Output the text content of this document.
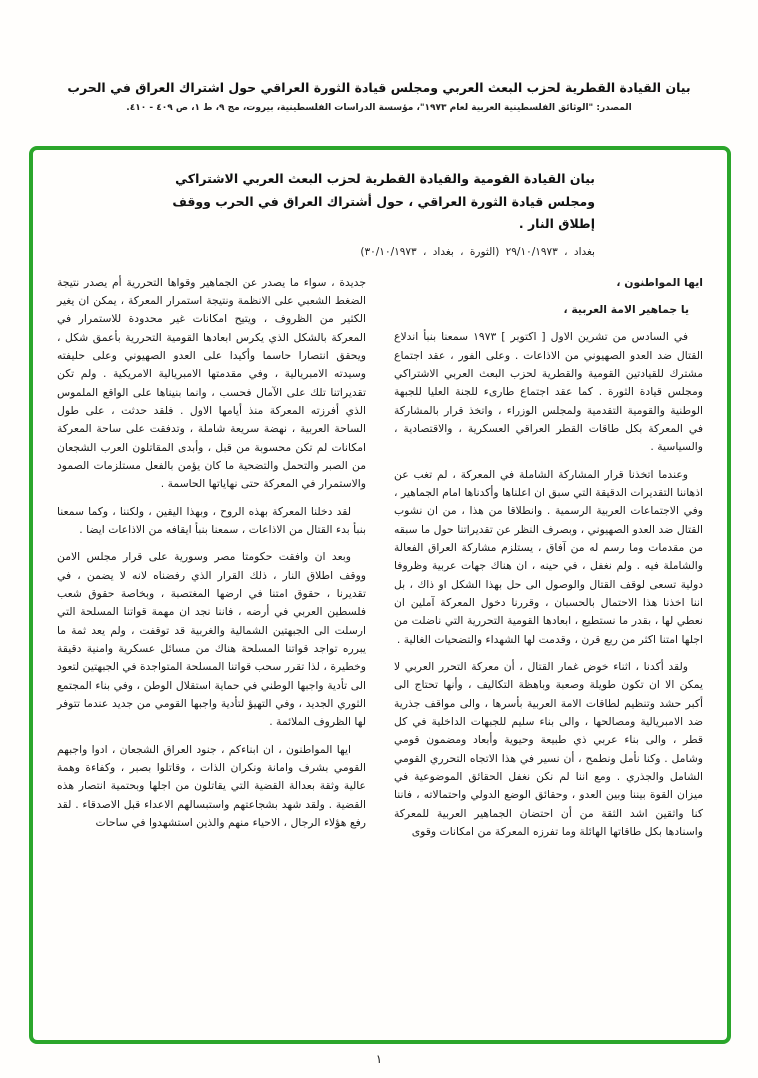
بيان القيادة القطرية لحزب البعث العربي ومجلس قيادة الثورة العراقي حول اشتراك العراق في الحرب
المصدر: "الوثائق الفلسطينية العربية لعام ١٩٧٣"، مؤسسة الدراسات الفلسطينية، بيروت، مج ٩، ط ١، ص ٤٠٩ - ٤١٠.
بيان القيادة القومية والقيادة القطرية لحزب البعث العربي الاشتراكي ومجلس قيادة الثورة العراقي ، حول أشتراك العراق في الحرب ووقف إطلاق النار .
بغداد ، ٢٩/١٠/١٩٧٣ (الثورة ، بغداد ، ٣٠/١٠/١٩٧٣)

ايها المواطنون ،

يا جماهير الامة العربية ،

في السادس من تشرين الاول [ اكتوبر ] ١٩٧٣ سمعنا بنبأ اندلاع القتال ضد العدو الصهيوني من الاذاعات . وعلى الفور ، عقد اجتماع مشترك للقيادتين القومية والقطرية لحزب البعث العربي الاشتراكي ومجلس قيادة الثورة . كما عقد اجتماع طارىء للجنة العليا للجبهة الوطنية والقومية التقدمية ولمجلس الوزراء ، واتخذ قرار بالمشاركة في المعركة بكل طاقات القطر العراقي العسكرية ، والاقتصادية ، والسياسية .

وعندما اتخذنا قرار المشاركة الشاملة في المعركة ، لم تغب عن اذهاننا التقديرات الدقيقة التي سبق ان اعلناها وأكدناها امام الجماهير ، وفي الاجتماعات العربية الرسمية . وانطلاقا من هذا ، من ان نشوب القتال ضد العدو الصهيوني ، وبصرف النظر عن تقديراتنا حول ما سبقه من مقدمات وما رسم له من آفاق ، يستلزم مشاركة العراق الفعالة والشاملة فيه . ولم نغفل ، في حينه ، ان هناك جهات عربية وظروفا دولية تسعى لوقف القتال والوصول الى حل بهذا الشكل او ذاك ، بل اننا اخذنا هذا الاحتمال بالحسبان ، وقررنا دخول المعركة آملين ان نعطي لها ، بقدر ما نستطيع ، ابعادها القومية التحررية التي ناضلت من اجلها امتنا اكثر من ربع قرن ، وقدمت لها الشهداء والتضحيات الغالية .

ولقد أكدنا ، اثناء خوض غمار القتال ، أن معركة التحرر العربي لا يمكن الا ان تكون طويلة وصعبة وباهظة التكاليف ، وأنها تحتاج الى أكبر حشد وتنظيم لطاقات الامة العربية بأسرها ، والى مواقف جذرية ضد الامبريالية ومصالحها ، والى بناء سليم للجبهات الداخلية في كل قطر ، والى بناء عربي ذي طبيعة وحيوية وأبعاد ومضمون قومي وشامل . وكنا نأمل ونطمح ، أن نسير في هذا الاتجاه التحرري القومي الشامل والجذري . ومع اننا لم نكن نغفل الحقائق الموضوعية في ميزان القوة بيننا وبين العدو ، وحقائق الوضع الدولي واحتمالاته ، فاننا كنا واثقين اشد الثقة من أن احتضان الجماهير العربية للمعركة واسنادها بكل طاقاتها الهائلة وما تفرزه المعركة من امكانات وقوى

جديدة ، سواء ما يصدر عن الجماهير وقواها التحررية أم يصدر نتيجة الضغط الشعبي على الانظمة ونتيجة استمرار المعركة ، يمكن ان يغير الكثير من الظروف ، ويتيح امكانات غير محدودة للاستمرار في المعركة بالشكل الذي يكرس ابعادها القومية التحررية بأعمق شكل ، ويحقق انتصارا حاسما وأكيدا على العدو الصهيوني وعلى حليفته وسيدته الامبريالية ، وفي مقدمتها الامبريالية الامريكية . ولم تكن تقديراتنا تلك على الآمال فحسب ، وانما بنيناها على الواقع الملموس الذي أفرزته المعركة منذ أيامها الاول . فلقد حدثت ، على طول الساحة العربية ، نهضة سريعة شاملة ، وتدفقت على ساحة المعركة امكانات لم تكن محسوبة من قبل ، وأبدى المقاتلون العرب الشجعان من الصبر والتحمل والتضحية ما كان يؤمن بالفعل مستلزمات الصمود والاستمرار في المعركة حتى نهاياتها الحاسمة .

لقد دخلنا المعركة بهذه الروح ، وبهذا اليقين ، ولكننا ، وكما سمعنا بنبأ بدء القتال من الاذاعات ، سمعنا بنبأ ايقافه من الاذاعات ايضا .

وبعد ان وافقت حكومتا مصر وسورية على قرار مجلس الامن ووقف اطلاق النار ، ذلك القرار الذي رفضناه لانه لا يضمن ، في تقديرنا ، حقوق امتنا في ارضها المغتصبة ، وبخاصة حقوق شعب فلسطين العربي في أرضه ، فاننا نجد ان مهمة قواتنا المسلحة التي ارسلت الى الجبهتين الشمالية والغربية قد توقفت ، ولم يعد ثمة ما يبرره تواجد قواتنا المسلحة هناك من مسائل عسكرية وامنية دقيقة وخطيرة ، لذا تقرر سحب قواتنا المسلحة المتواجدة في الجبهتين لتعود الى تأدية واجبها الوطني في حماية استقلال الوطن ، وفي بناء المجتمع الثوري الجديد ، وفي التهيؤ لتأدية واجبها القومي من جديد عندما تتوفر لها الظروف الملائمة .

ايها المواطنون ، ان ابناءكم ، جنود العراق الشجعان ، ادوا واجبهم القومي بشرف وامانة ونكران الذات ، وقاتلوا بصبر ، وكفاءة وهمة عالية وثقة بعدالة القضية التي يقاتلون من اجلها وبحتمية انتصار هذه القضية . ولقد شهد بشجاعتهم واستبسالهم الاعداء قبل الاصدقاء . لقد رفع هؤلاء الرجال ، الاحياء منهم والذين استشهدوا في ساحات

١
